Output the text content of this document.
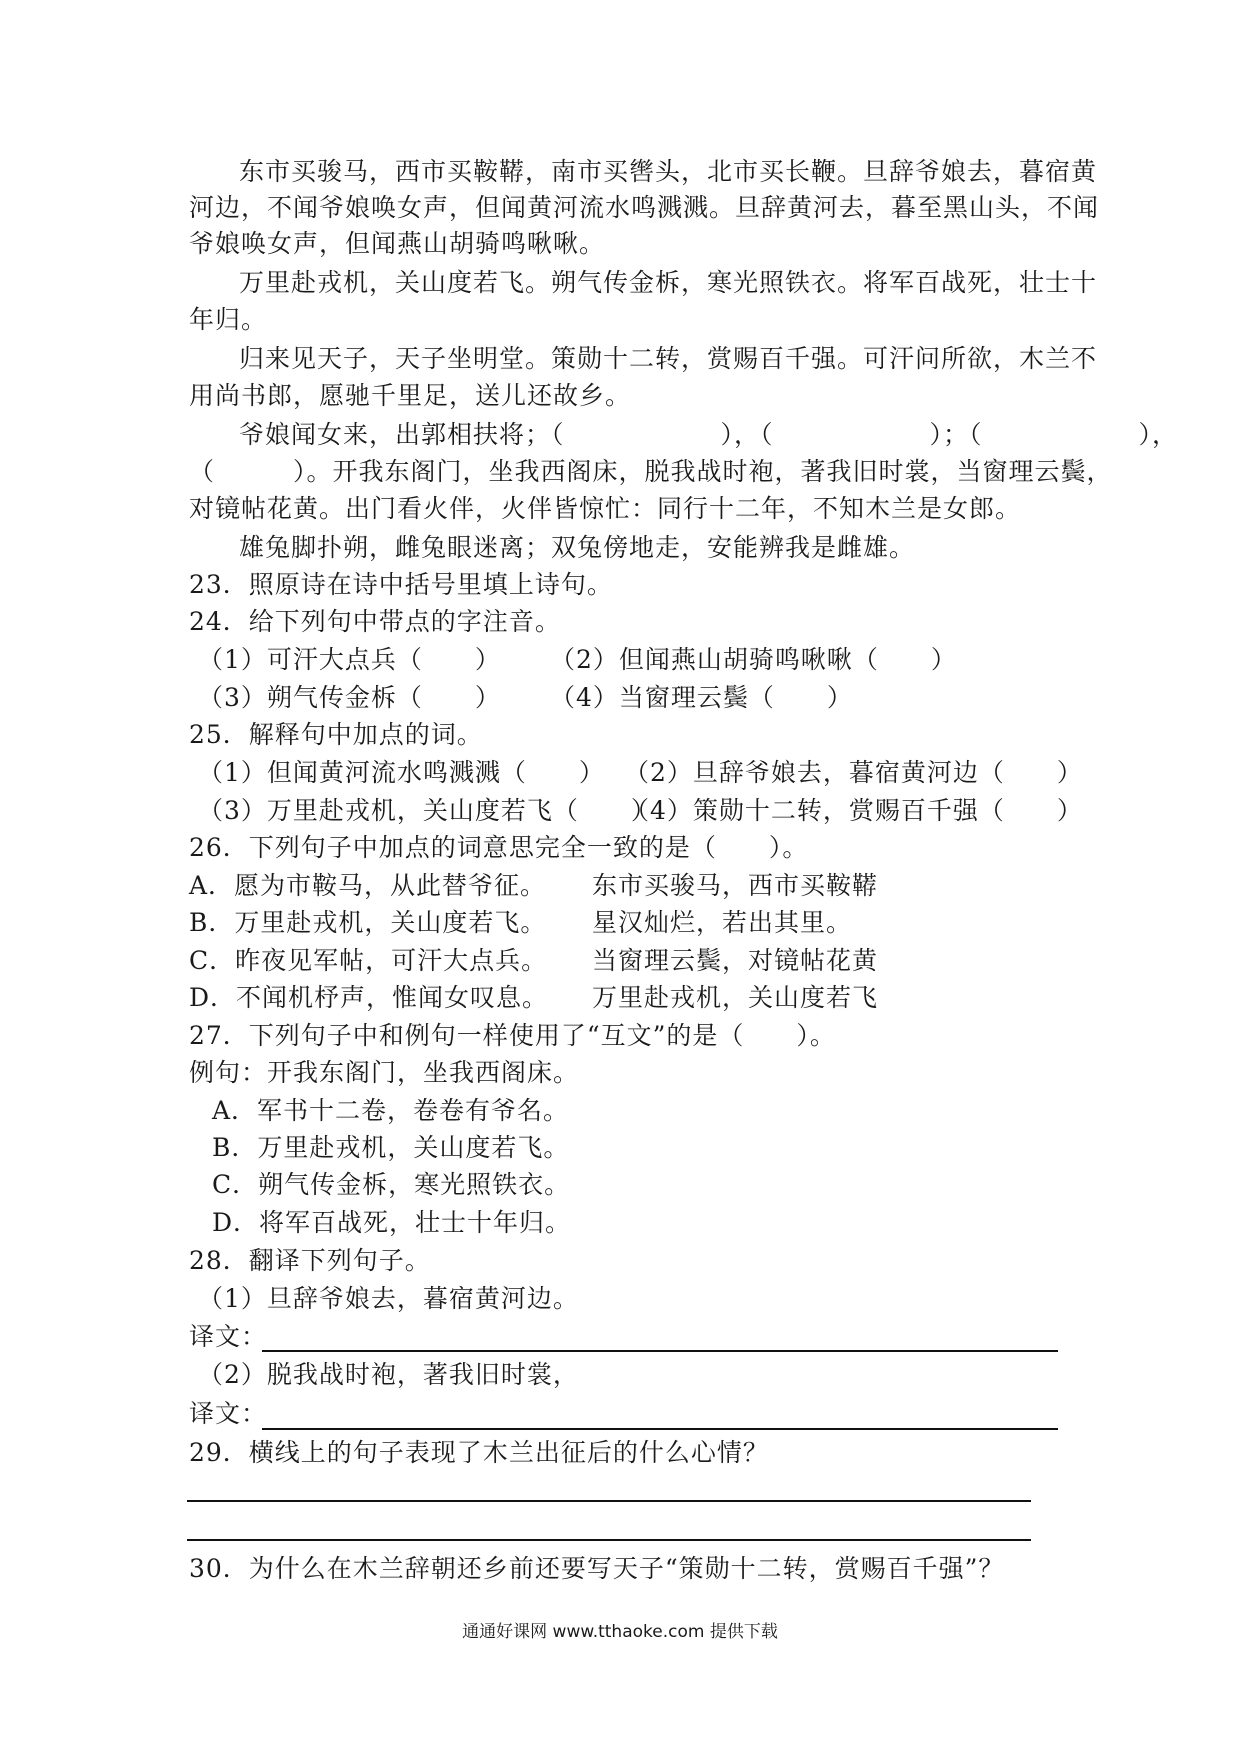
东市买骏马，西市买鞍鞯，南市买辔头，北市买长鞭。旦辞爷娘去，暮宿黄
河边，不闻爷娘唤女声，但闻黄河流水鸣溅溅。旦辞黄河去，暮至黑山头，不闻
爷娘唤女声，但闻燕山胡骑鸣啾啾。
万里赴戎机，关山度若飞。朔气传金柝，寒光照铁衣。将军百战死，壮士十
年归。
归来见天子，天子坐明堂。策勋十二转，赏赐百千强。可汗问所欲，木兰不
用尚书郎，愿驰千里足，送儿还故乡。
爷娘闻女来，出郭相扶将；（　　　　　　），（　　　　　　）；（　　　　　　），
（　　　）。开我东阁门，坐我西阁床，脱我战时袍，著我旧时裳，当窗理云鬓，
对镜帖花黄。出门看火伴，火伴皆惊忙：同行十二年，不知木兰是女郎。
雄兔脚扑朔，雌兔眼迷离；双兔傍地走，安能辨我是雌雄。
23．照原诗在诗中括号里填上诗句。
24．给下列句中带点的字注音。
（1）可汗大点兵（　　） （2）但闻燕山胡骑鸣啾啾（　　）
（3）朔气传金柝（　　） （4）当窗理云鬓（　　）
25．解释句中加点的词。
（1）但闻黄河流水鸣溅溅（　　） （2）旦辞爷娘去，暮宿黄河边（　　）
（3）万里赴戎机，关山度若飞（　　）
（4）策勋十二转，赏赐百千强（　　）
26．下列句子中加点的词意思完全一致的是（　　）。
A．愿为市鞍马，从此替爷征。 东市买骏马，西市买鞍鞯
B．万里赴戎机，关山度若飞。 星汉灿烂，若出其里。
C．昨夜见军帖，可汗大点兵。 当窗理云鬓，对镜帖花黄
D．不闻机杼声，惟闻女叹息。 万里赴戎机，关山度若飞
27．下列句子中和例句一样使用了“互文”的是（　　）。
例句：开我东阁门，坐我西阁床。
A．军书十二卷，卷卷有爷名。
B．万里赴戎机，关山度若飞。
C．朔气传金柝，寒光照铁衣。
D．将军百战死，壮士十年归。
28．翻译下列句子。
（1）旦辞爷娘去，暮宿黄河边。
译文：
（2）脱我战时袍，著我旧时裳，
译文：
29．横线上的句子表现了木兰出征后的什么心情？
30．为什么在木兰辞朝还乡前还要写天子“策勋十二转，赏赐百千强”？
通通好课网 www.tthaoke.com 提供下载
